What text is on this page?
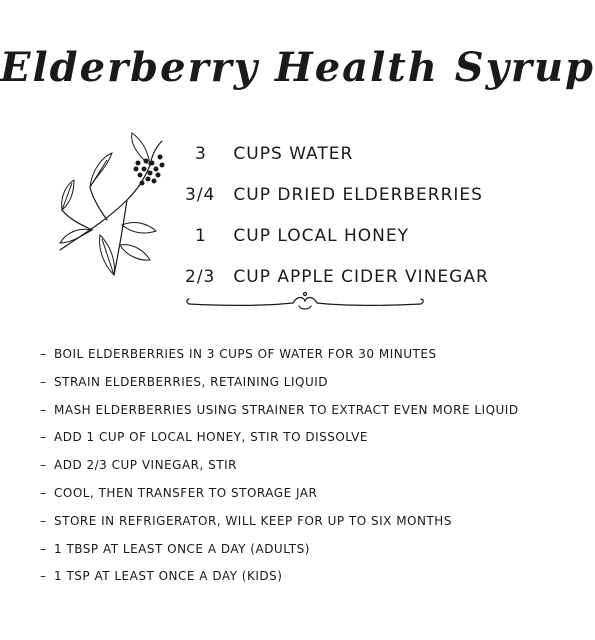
Elderberry Health Syrup
3 CUPS WATER
3/4 CUP DRIED ELDERBERRIES
1 CUP LOCAL HONEY
2/3 CUP APPLE CIDER VINEGAR
– BOIL ELDERBERRIES IN 3 CUPS OF WATER FOR 30 MINUTES
– STRAIN ELDERBERRIES, RETAINING LIQUID
– MASH ELDERBERRIES USING STRAINER TO EXTRACT EVEN MORE LIQUID
– ADD 1 CUP OF LOCAL HONEY, STIR TO DISSOLVE
– ADD 2/3 CUP VINEGAR, STIR
– COOL, THEN TRANSFER TO STORAGE JAR
– STORE IN REFRIGERATOR, WILL KEEP FOR UP TO SIX MONTHS
– 1 TBSP AT LEAST ONCE A DAY (ADULTS)
– 1 TSP AT LEAST ONCE A DAY (KIDS)
